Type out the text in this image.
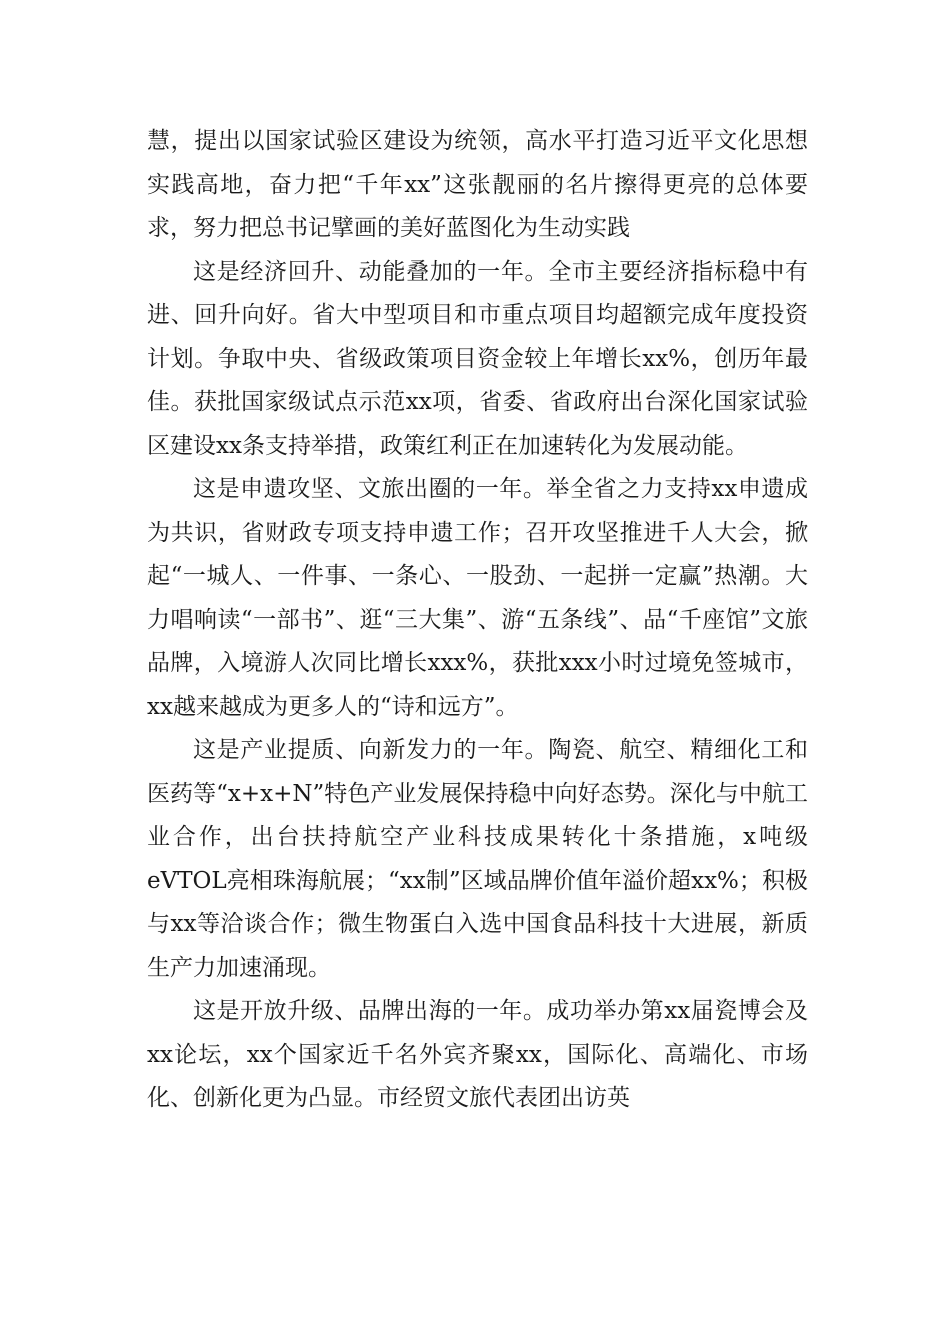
慧，提出以国家试验区建设为统领，高水平打造习近平文化思想实践高地，奋力把“千年xx”这张靓丽的名片擦得更亮的总体要求，努力把总书记擘画的美好蓝图化为生动实践

这是经济回升、动能叠加的一年。全市主要经济指标稳中有进、回升向好。省大中型项目和市重点项目均超额完成年度投资计划。争取中央、省级政策项目资金较上年增长xx%，创历年最佳。获批国家级试点示范xx项，省委、省政府出台深化国家试验区建设xx条支持举措，政策红利正在加速转化为发展动能。

这是申遗攻坚、文旅出圈的一年。举全省之力支持xx申遗成为共识，省财政专项支持申遗工作；召开攻坚推进千人大会，掀起“一城人、一件事、一条心、一股劲、一起拼一定赢”热潮。大力唱响读“一部书”、逛“三大集”、游“五条线”、品“千座馆”文旅品牌，入境游人次同比增长xxx%，获批xxx小时过境免签城市，xx越来越成为更多人的“诗和远方”。

这是产业提质、向新发力的一年。陶瓷、航空、精细化工和医药等“x+x+N”特色产业发展保持稳中向好态势。深化与中航工业合作，出台扶持航空产业科技成果转化十条措施，x吨级eVTOL亮相珠海航展；“xx制”区域品牌价值年溢价超xx%；积极与xx等洽谈合作；微生物蛋白入选中国食品科技十大进展，新质生产力加速涌现。

这是开放升级、品牌出海的一年。成功举办第xx届瓷博会及xx论坛，xx个国家近千名外宾齐聚xx，国际化、高端化、市场化、创新化更为凸显。市经贸文旅代表团出访英
